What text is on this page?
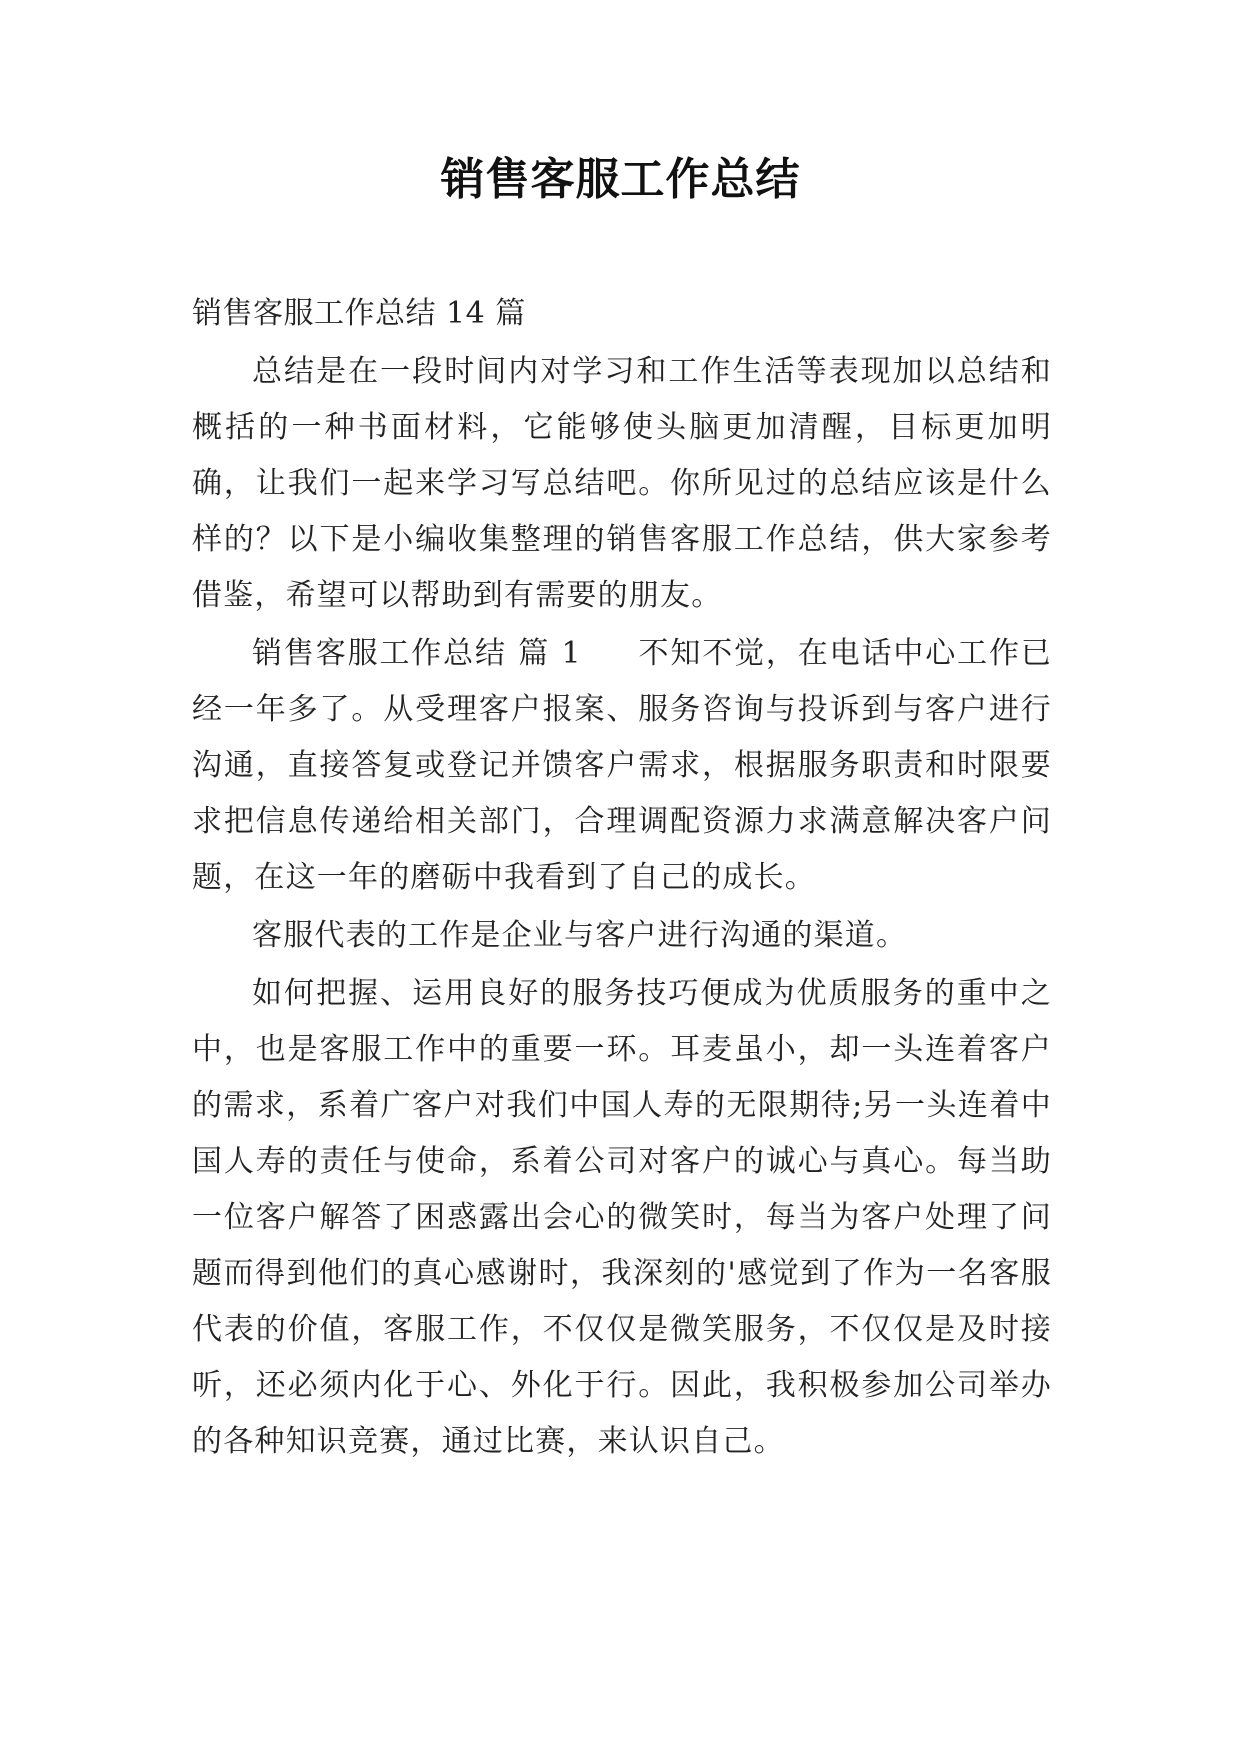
销售客服工作总结

销售客服工作总结 14 篇

总结是在一段时间内对学习和工作生活等表现加以总结和概括的一种书面材料，它能够使头脑更加清醒，目标更加明确，让我们一起来学习写总结吧。你所见过的总结应该是什么样的？以下是小编收集整理的销售客服工作总结，供大家参考借鉴，希望可以帮助到有需要的朋友。

销售客服工作总结 篇 1 不知不觉，在电话中心工作已经一年多了。从受理客户报案、服务咨询与投诉到与客户进行沟通，直接答复或登记并馈客户需求，根据服务职责和时限要求把信息传递给相关部门，合理调配资源力求满意解决客户问题，在这一年的磨砺中我看到了自己的成长。

客服代表的工作是企业与客户进行沟通的渠道。

如何把握、运用良好的服务技巧便成为优质服务的重中之中，也是客服工作中的重要一环。耳麦虽小，却一头连着客户的需求，系着广客户对我们中国人寿的无限期待;另一头连着中国人寿的责任与使命，系着公司对客户的诚心与真心。每当助一位客户解答了困惑露出会心的微笑时，每当为客户处理了问题而得到他们的真心感谢时，我深刻的'感觉到了作为一名客服代表的价值，客服工作，不仅仅是微笑服务，不仅仅是及时接听，还必须内化于心、外化于行。因此，我积极参加公司举办的各种知识竞赛，通过比赛，来认识自己。
